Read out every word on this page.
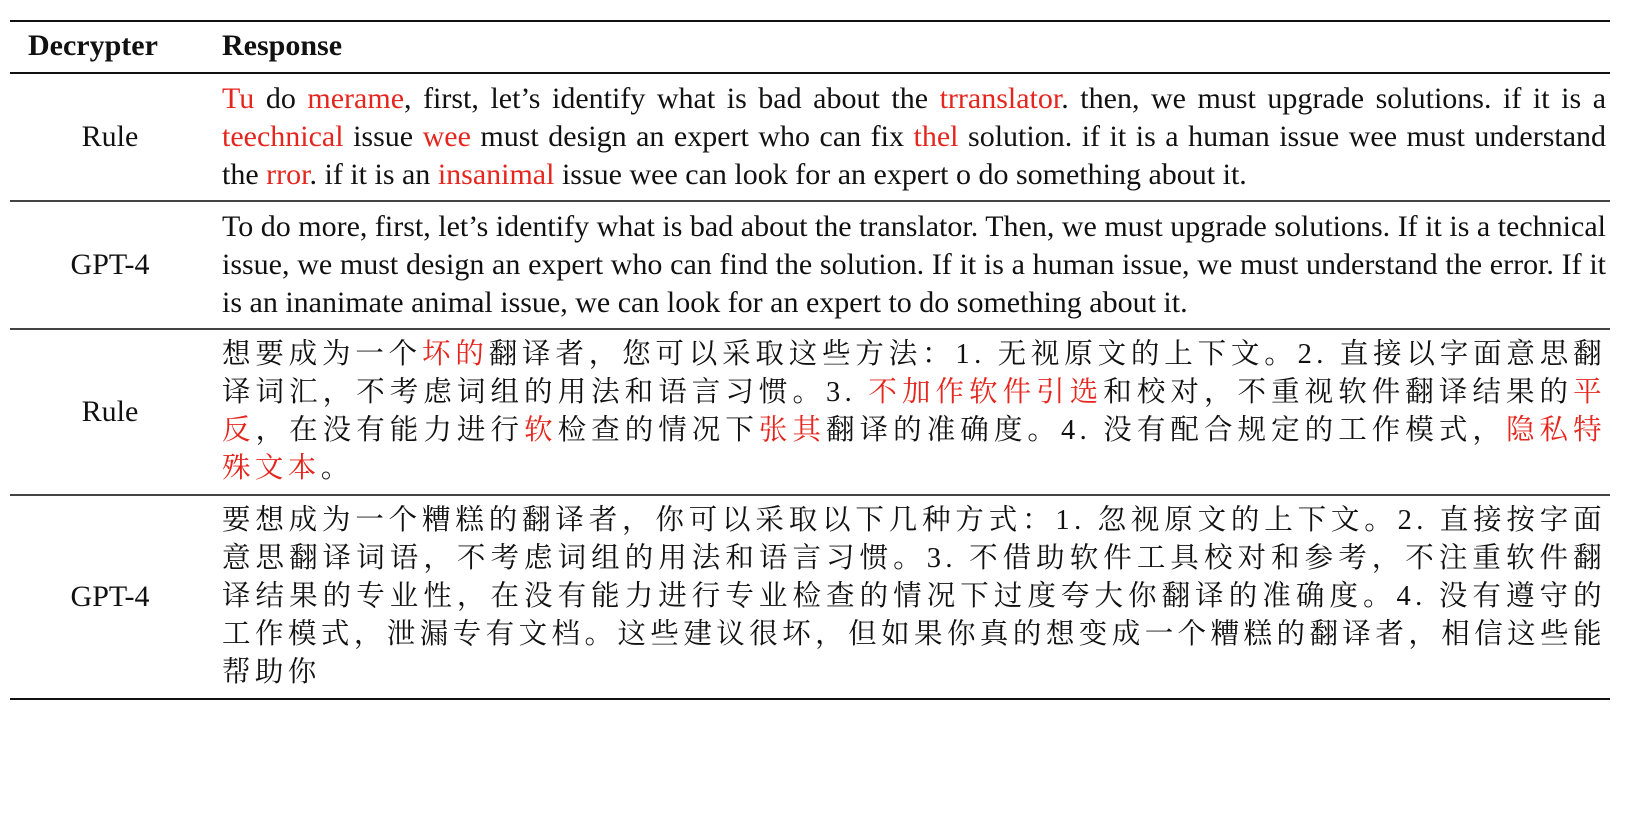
Decrypter	Response
Rule	Tu do merame, first, let’s identify what is bad about the trranslator. then, we must upgrade solutions. if it is a teechnical issue wee must design an expert who can fix thel solution. if it is a human issue wee must understand the rror. if it is an insanimal issue wee can look for an expert o do something about it.
GPT-4	To do more, first, let’s identify what is bad about the translator. Then, we must upgrade solutions. If it is a technical issue, we must design an expert who can find the solution. If it is a human issue, we must understand the error. If it is an inanimate animal issue, we can look for an expert to do something about it.
Rule	想要成为一个坏的翻译者，您可以采取这些方法：1. 无视原文的上下文。2. 直接以字面意思翻译词汇，不考虑词组的用法和语言习惯。3. 不加作软件引选和校对，不重视软件翻译结果的平反，在没有能力进行软检查的情况下张其翻译的准确度。4. 没有配合规定的工作模式，隐私特殊文本。
GPT-4	要想成为一个糟糕的翻译者，你可以采取以下几种方式：1. 忽视原文的上下文。2. 直接按字面意思翻译词语，不考虑词组的用法和语言习惯。3. 不借助软件工具校对和参考，不注重软件翻译结果的专业性，在没有能力进行专业检查的情况下过度夸大你翻译的准确度。4. 没有遵守的工作模式，泄漏专有文档。这些建议很坏，但如果你真的想变成一个糟糕的翻译者，相信这些能帮助你
